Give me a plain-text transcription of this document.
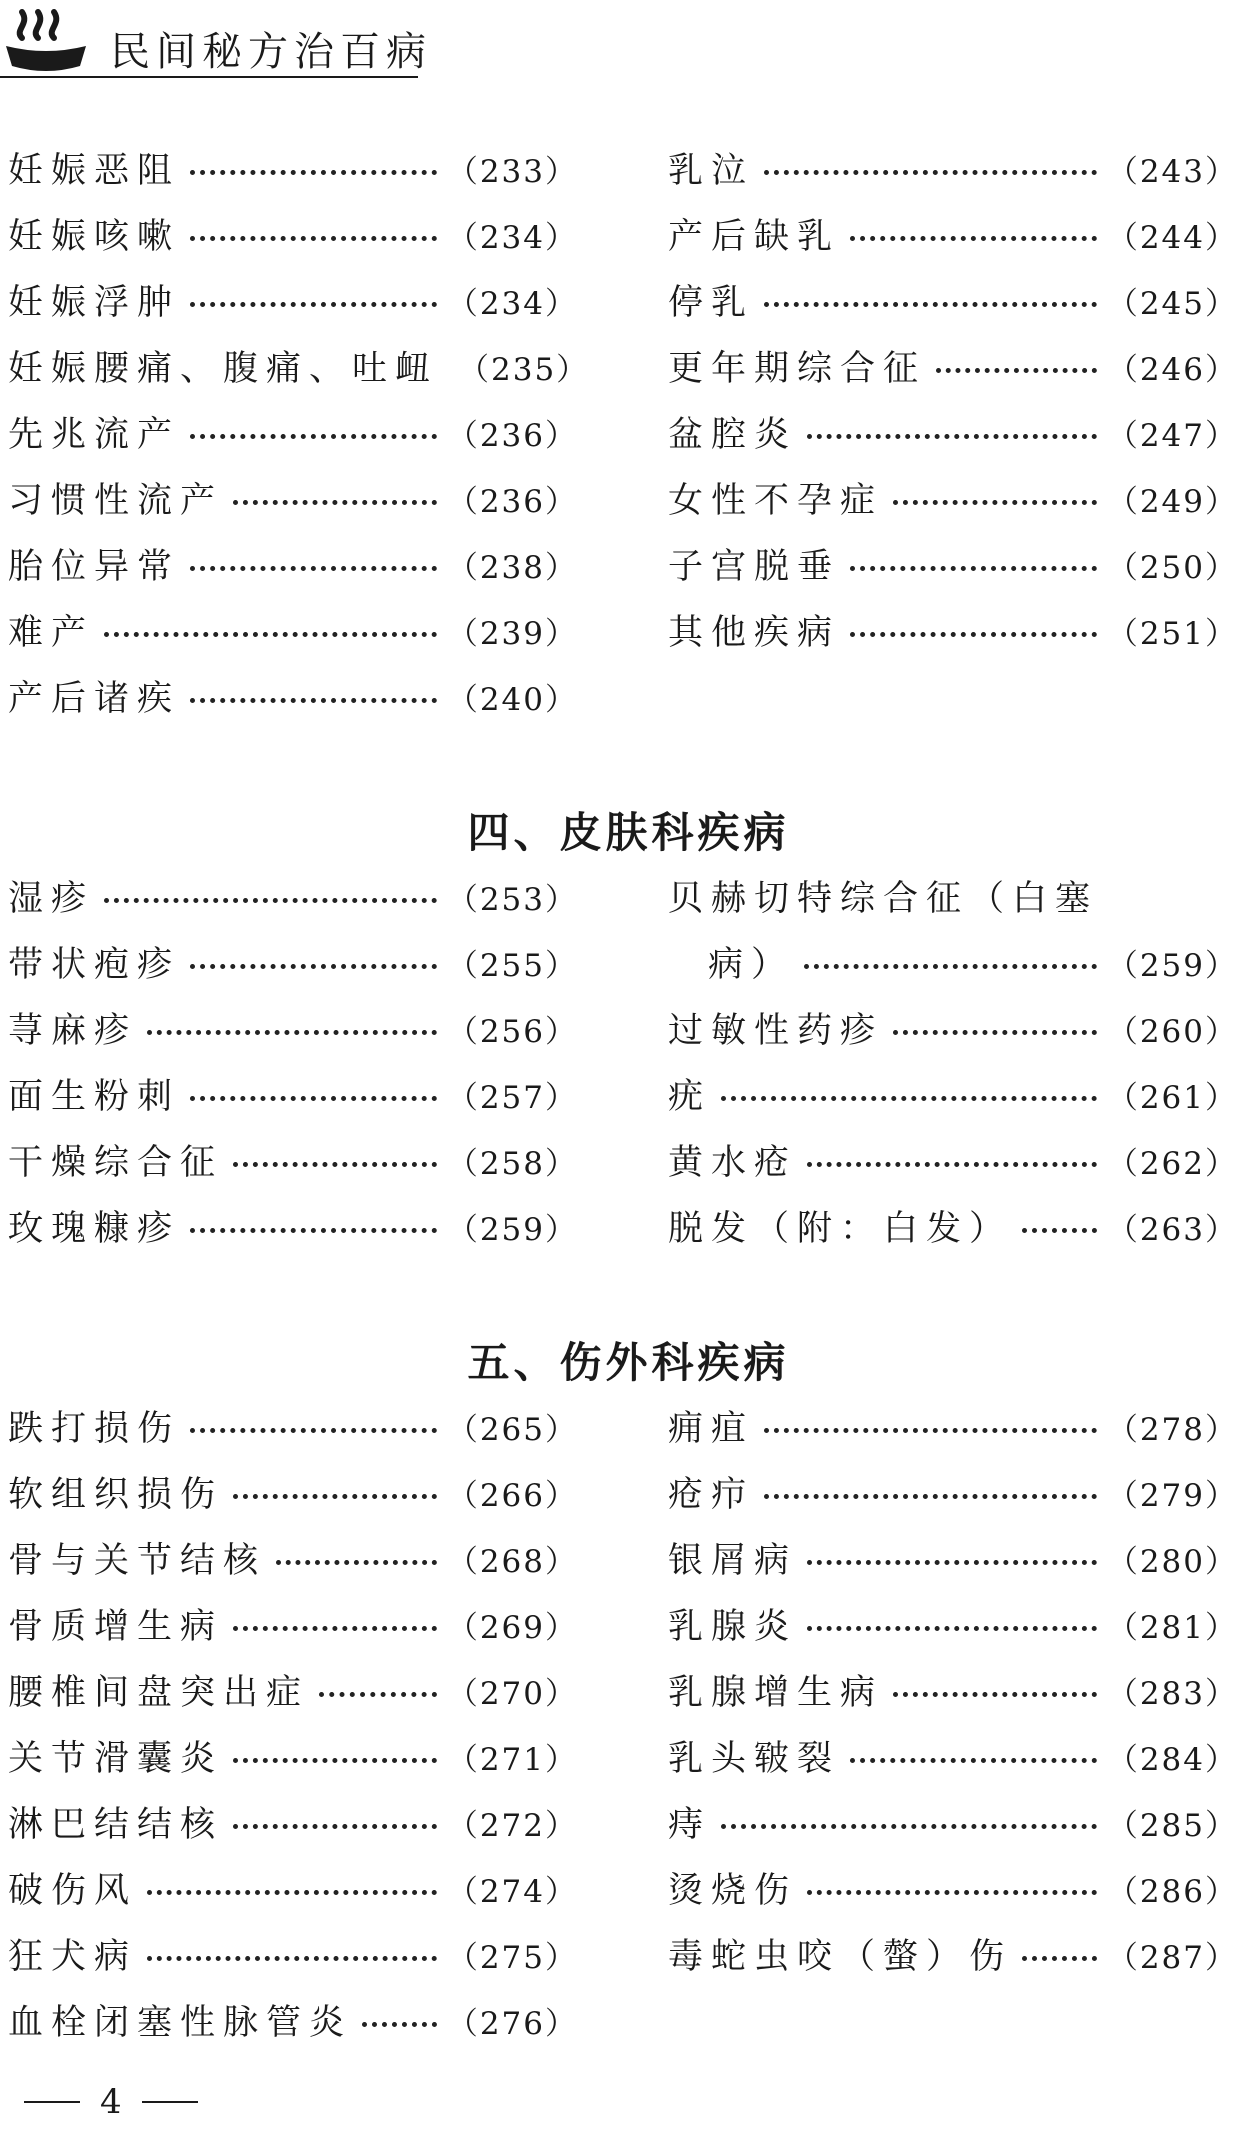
民间秘方治百病
妊娠恶阻	（233）
妊娠咳嗽	（234）
妊娠浮肿	（234）
妊娠腰痛、腹痛、吐衄 （235）
先兆流产	（236）
习惯性流产	（236）
胎位异常	（238）
难产	（239）
产后诸疾	（240）
乳泣	（243）
产后缺乳	（244）
停乳	（245）
更年期综合征	（246）
盆腔炎	（247）
女性不孕症	（249）
子宫脱垂	（250）
其他疾病	（251）
四、皮肤科疾病
湿疹	（253）
带状疱疹	（255）
荨麻疹	（256）
面生粉刺	（257）
干燥综合征	（258）
玫瑰糠疹	（259）
贝赫切特综合征（白塞
病）	（259）
过敏性药疹	（260）
疣	（261）
黄水疮	（262）
脱发（附：白发）	（263）
五、伤外科疾病
跌打损伤	（265）
软组织损伤	（266）
骨与关节结核	（268）
骨质增生病	（269）
腰椎间盘突出症	（270）
关节滑囊炎	（271）
淋巴结结核	（272）
破伤风	（274）
狂犬病	（275）
血栓闭塞性脉管炎	（276）
痈疽	（278）
疮疖	（279）
银屑病	（280）
乳腺炎	（281）
乳腺增生病	（283）
乳头皲裂	（284）
痔	（285）
烫烧伤	（286）
毒蛇虫咬（螫）伤	（287）
4
